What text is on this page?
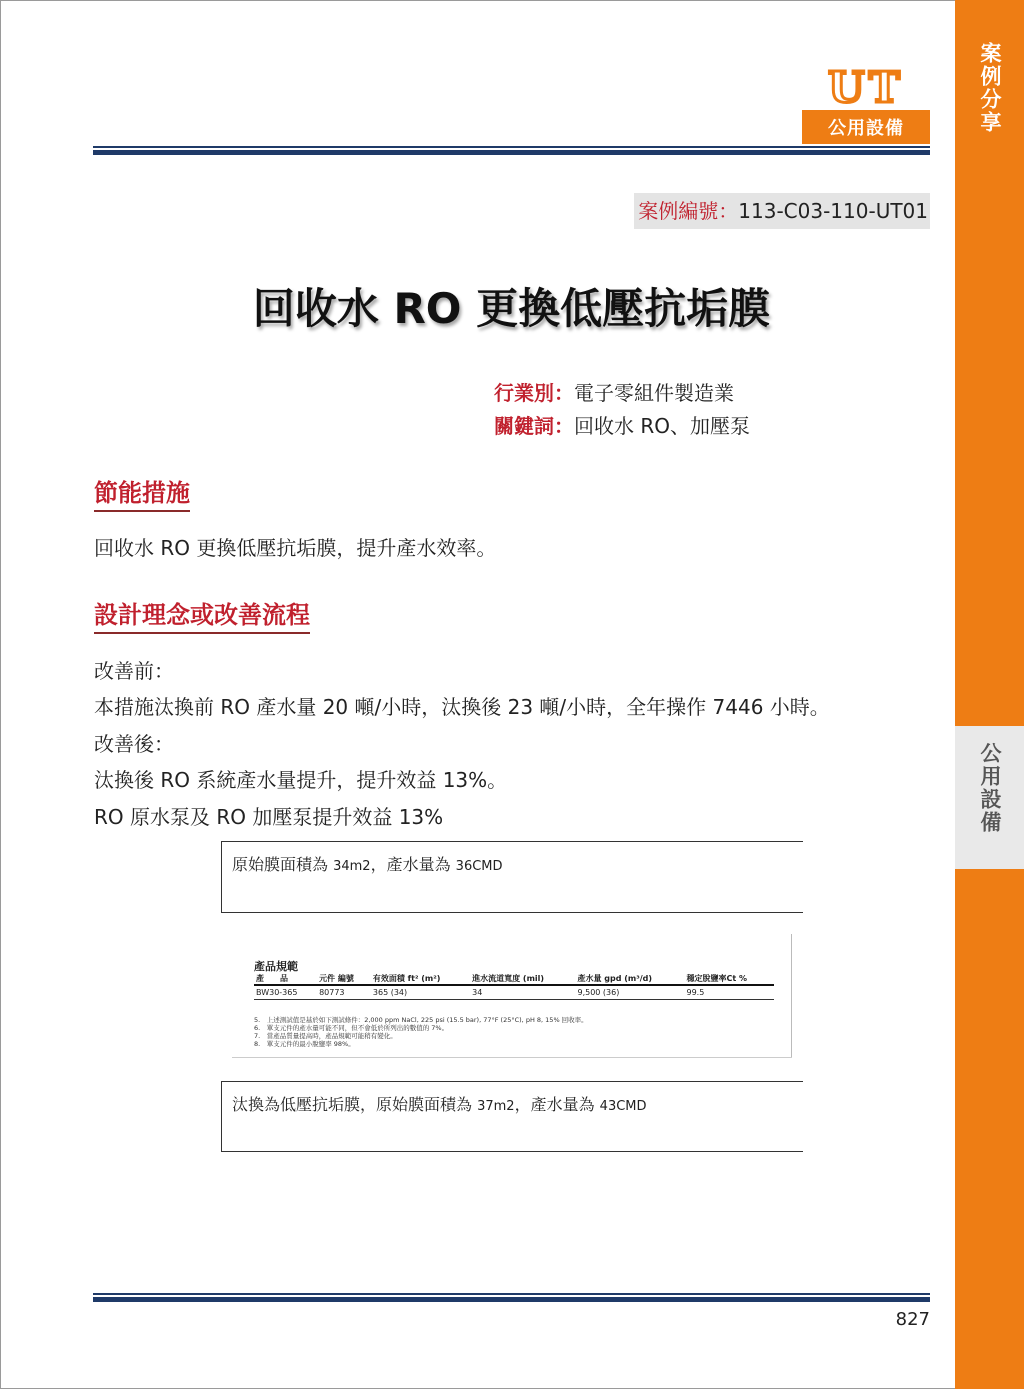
案例分享
公用設備
UT
公用設備
案例編號：113-C03-110-UT01
回收水 RO 更換低壓抗垢膜
行業別：電子零組件製造業
關鍵詞：回收水 RO、加壓泵
節能措施
回收水 RO 更換低壓抗垢膜，提升產水效率。
設計理念或改善流程
改善前：
本措施汰換前 RO 產水量 20 噸/小時，汰換後 23 噸/小時，全年操作 7446 小時。
改善後：
汰換後 RO 系統產水量提升，提升效益 13%。
RO 原水泵及 RO 加壓泵提升效益 13%
原始膜面積為 34m2，產水量為 36CMD
產品規範
產　　品	元件 編號	有效面積 ft² (m²)	進水流道寬度 (mil)	產水量 gpd (m³/d)	穩定脫鹽率Ct %
BW30-365	80773	365 (34)	34	9,500 (36)	99.5
5.　上述測試值是基於如下測試條件：2,000 ppm NaCl, 225 psi (15.5 bar), 77°F (25°C), pH 8, 15% 回收率。
6.　單支元件的產水量可能不同，但不會低於所列出的數值的 7%。
7.　當產品質量提高時，產品規範可能稍有變化。
8.　單支元件的最小脫鹽率 98%。
汰換為低壓抗垢膜，原始膜面積為 37m2，產水量為 43CMD
827
